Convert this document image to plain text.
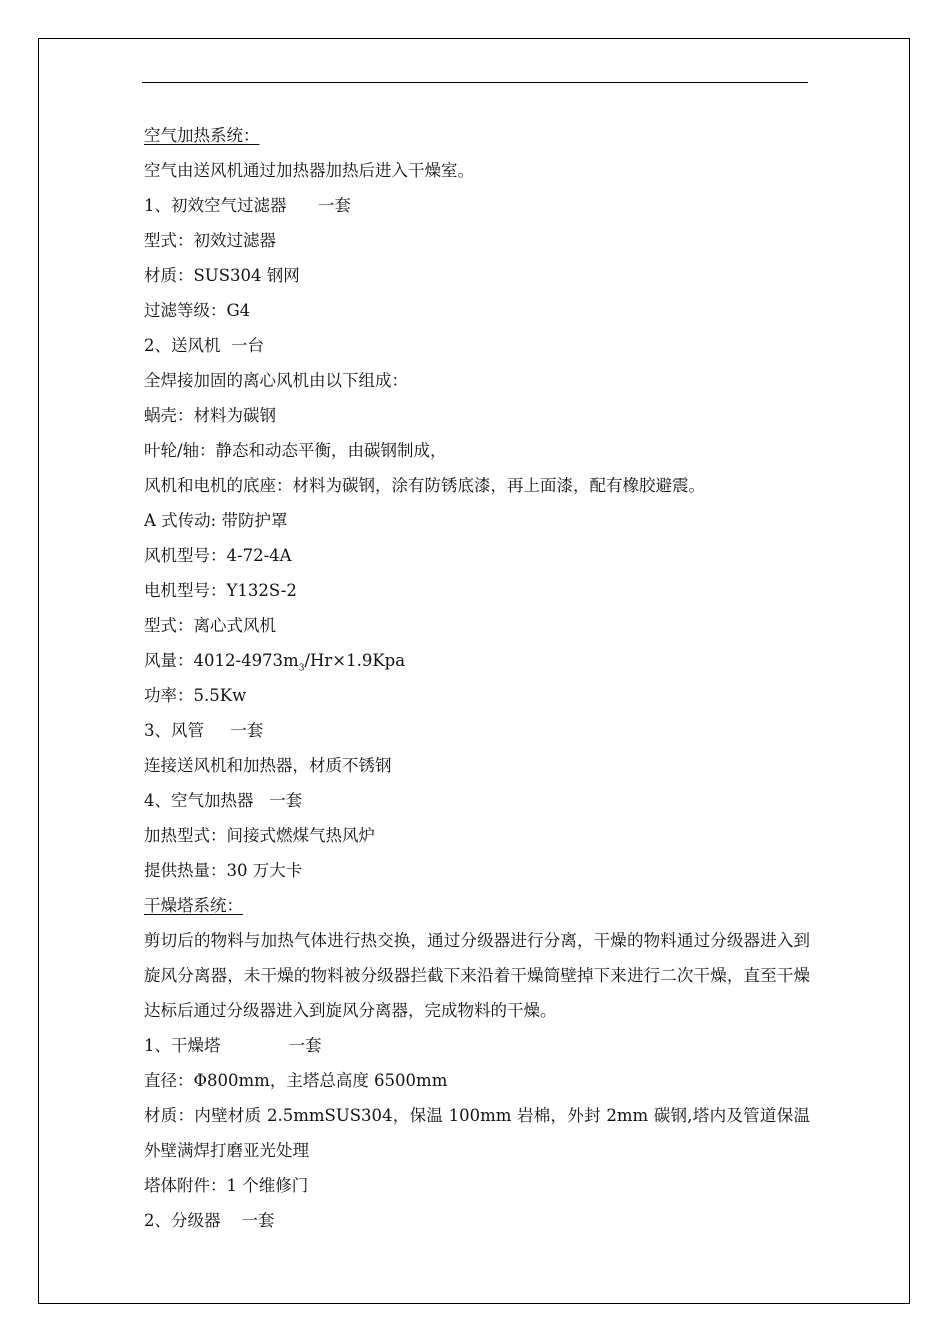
空气加热系统：
空气由送风机通过加热器加热后进入干燥室。
1、初效空气过滤器      一套
型式：初效过滤器
材质：SUS304 钢网
过滤等级：G4
2、送风机  一台
全焊接加固的离心风机由以下组成：
蜗壳：材料为碳钢
叶轮/轴：静态和动态平衡，由碳钢制成，
风机和电机的底座：材料为碳钢，涂有防锈底漆，再上面漆，配有橡胶避震。
A 式传动: 带防护罩
风机型号：4-72-4A
电机型号：Y132S-2
型式：离心式风机
风量：$4012-4973m_3/Hr\times 1.9Kpa$
功率：5.5Kw
3、风管     一套
连接送风机和加热器，材质不锈钢
4、空气加热器   一套
加热型式：间接式燃煤气热风炉
提供热量：30 万大卡
干燥塔系统：
剪切后的物料与加热气体进行热交换，通过分级器进行分离，干燥的物料通过分级器进入到旋风分离器，未干燥的物料被分级器拦截下来沿着干燥筒壁掉下来进行二次干燥，直至干燥达标后通过分级器进入到旋风分离器，完成物料的干燥。
1、干燥塔             一套
直径：Φ800mm，主塔总高度 6500mm
材质：内壁材质 2.5mmSUS304，保温 100mm 岩棉，外封 2mm 碳钢,塔内及管道保温外壁满焊打磨亚光处理
塔体附件：1 个维修门
2、分级器    一套
